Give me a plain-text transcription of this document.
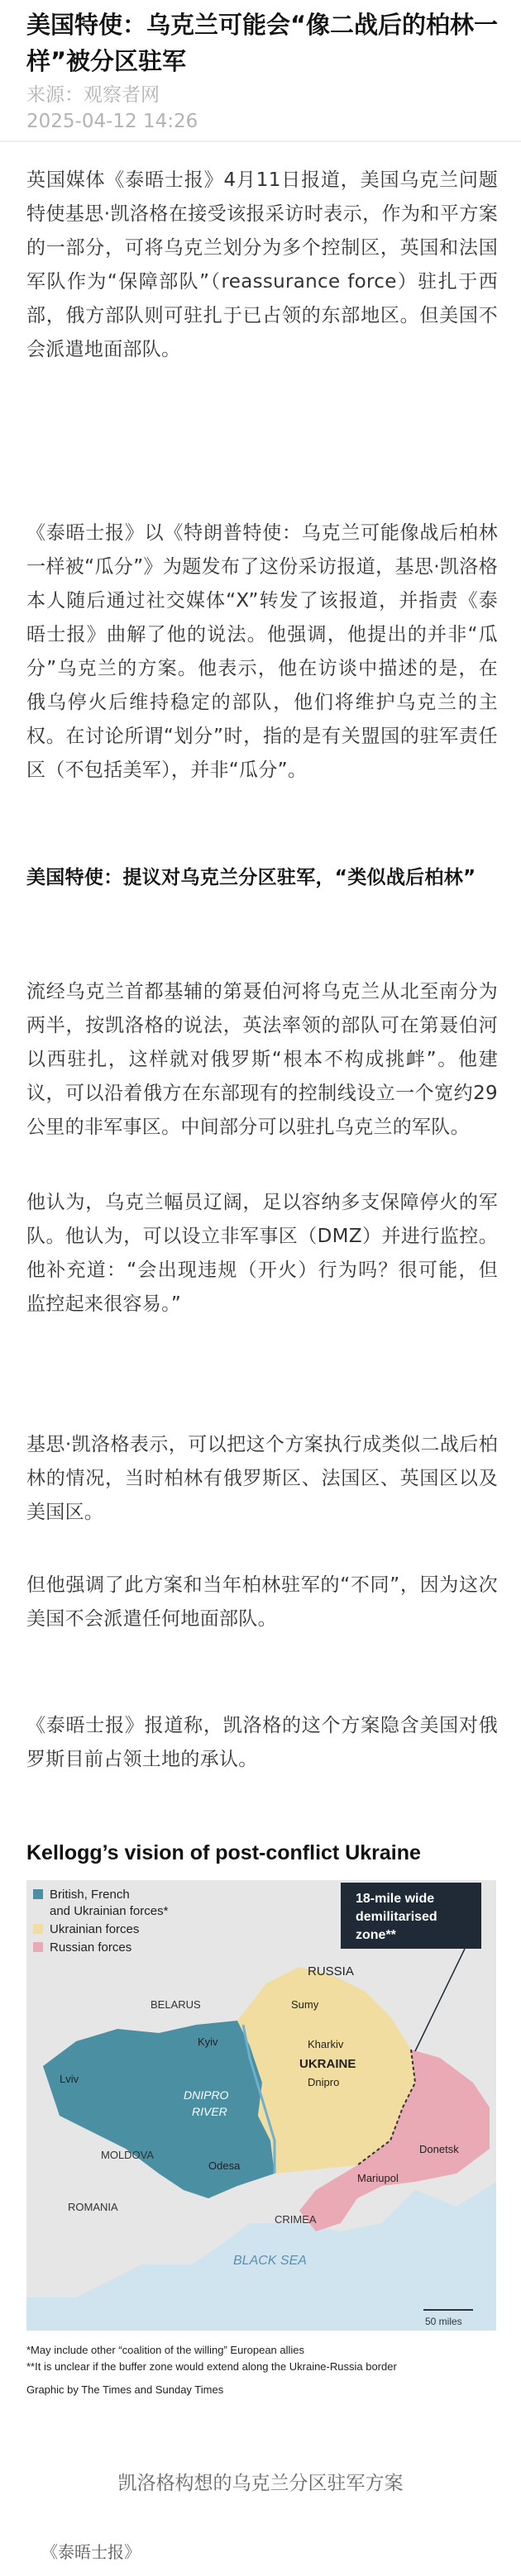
美国特使：乌克兰可能会“像二战后的柏林一样”被分区驻军
来源：观察者网
2025-04-12 14:26

英国媒体《泰晤士报》4月11日报道，美国乌克兰问题特使基思·凯洛格在接受该报采访时表示，作为和平方案的一部分，可将乌克兰划分为多个控制区，英国和法国军队作为“保障部队”（reassurance force）驻扎于西部，俄方部队则可驻扎于已占领的东部地区。但美国不会派遣地面部队。

《泰晤士报》以《特朗普特使：乌克兰可能像战后柏林一样被“瓜分”》为题发布了这份采访报道，基思·凯洛格本人随后通过社交媒体“X”转发了该报道，并指责《泰晤士报》曲解了他的说法。他强调，他提出的并非“瓜分”乌克兰的方案。他表示，他在访谈中描述的是，在俄乌停火后维持稳定的部队，他们将维护乌克兰的主权。在讨论所谓“划分”时，指的是有关盟国的驻军责任区（不包括美军），并非“瓜分”。

美国特使：提议对乌克兰分区驻军，“类似战后柏林”

流经乌克兰首都基辅的第聂伯河将乌克兰从北至南分为两半，按凯洛格的说法，英法率领的部队可在第聂伯河以西驻扎，这样就对俄罗斯“根本不构成挑衅”。他建议，可以沿着俄方在东部现有的控制线设立一个宽约29公里的非军事区。中间部分可以驻扎乌克兰的军队。

他认为，乌克兰幅员辽阔，足以容纳多支保障停火的军队。他认为，可以设立非军事区（DMZ）并进行监控。他补充道：“会出现违规（开火）行为吗？很可能，但监控起来很容易。”

基思·凯洛格表示，可以把这个方案执行成类似二战后柏林的情况，当时柏林有俄罗斯区、法国区、英国区以及美国区。

但他强调了此方案和当年柏林驻军的“不同”，因为这次美国不会派遣任何地面部队。

《泰晤士报》报道称，凯洛格的这个方案隐含美国对俄罗斯目前占领土地的承认。

Kellogg’s vision of post-conflict Ukraine
British, French
and Ukrainian forces*
Ukrainian forces
Russian forces
18-mile wide
demilitarised
zone**
RUSSIA
BELARUS
Kyiv
Sumy
Kharkiv
UKRAINE
Dnipro
Lviv
DNIPRO
RIVER
MOLDOVA
Odesa
Donetsk
Mariupol
ROMANIA
CRIMEA
BLACK SEA
50 miles
*May include other “coalition of the willing” European allies
**It is unclear if the buffer zone would extend along the Ukraine-Russia border
Graphic by The Times and Sunday Times
凯洛格构想的乌克兰分区驻军方案
《泰晤士报》
